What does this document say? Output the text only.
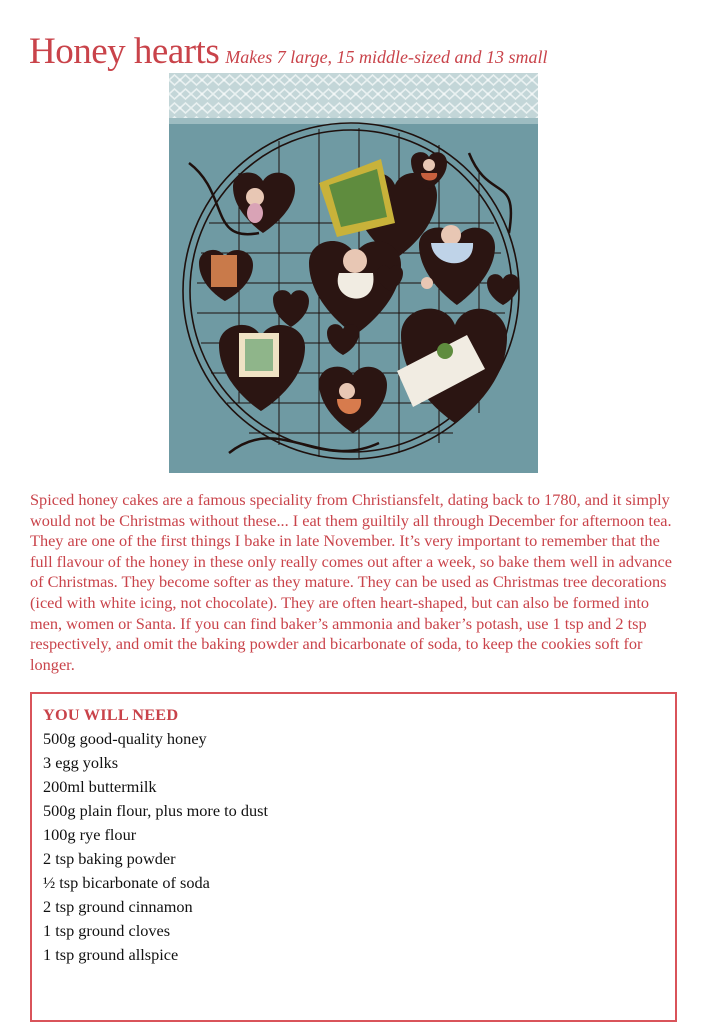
Honey hearts Makes 7 large, 15 middle-sized and 13 small
Spiced honey cakes are a famous speciality from Christiansfelt, dating back to 1780, and it simply would not be Christmas without these... I eat them guiltily all through December for afternoon tea. They are one of the first things I bake in late November. It’s very important to remember that the full flavour of the honey in these only really comes out after a week, so bake them well in advance of Christmas. They become softer as they mature. They can be used as Christmas tree decorations (iced with white icing, not chocolate). They are often heart-shaped, but can also be formed into men, women or Santa. If you can find baker’s ammonia and baker’s potash, use 1 tsp and 2 tsp respectively, and omit the baking powder and bicarbonate of soda, to keep the cookies soft for longer.
YOU WILL NEED
500g good-quality honey
3 egg yolks
200ml buttermilk
500g plain flour, plus more to dust
100g rye flour
2 tsp baking powder
½ tsp bicarbonate of soda
2 tsp ground cinnamon
1 tsp ground cloves
1 tsp ground allspice
